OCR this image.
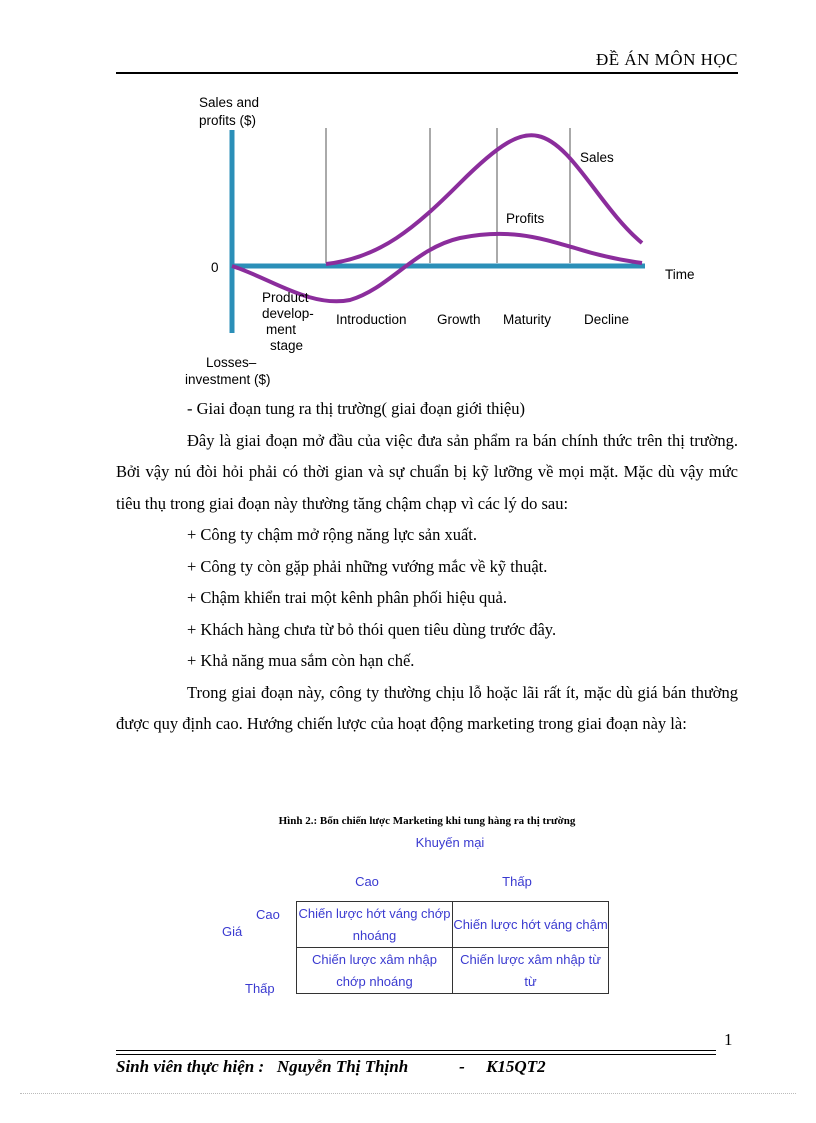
ĐỀ ÁN MÔN HỌC
Sales and
profits ($)
0	Time
Sales
Profits
Product
develop-
ment
stage
Introduction Growth Maturity Decline
Losses–
investment ($)

- Giai đoạn tung ra thị trường( giai đoạn giới thiệu)

Đây là giai đoạn mở đầu của việc đưa sản phẩm ra bán chính thức trên thị trường. Bởi vậy nú đòi hỏi phải có thời gian và sự chuẩn bị kỹ lưỡng về mọi mặt. Mặc dù vậy mức tiêu thụ trong giai đoạn này thường tăng chậm chạp vì các lý do sau:

+ Công ty chậm mở rộng năng lực sản xuất.

+ Công ty còn gặp phải những vướng mắc về kỹ thuật.

+ Chậm khiển trai một kênh phân phối hiệu quả.

+ Khách hàng chưa từ bỏ thói quen tiêu dùng trước đây.

+ Khả năng mua sắm còn hạn chế.

Trong giai đoạn này, công ty thường chịu lỗ hoặc lãi rất ít, mặc dù giá bán thường được quy định cao. Hướng chiến lược của hoạt động marketing trong giai đoạn này là:

Hình 2.: Bốn chiến lược Marketing khi tung hàng ra thị trường
Khuyến mại
Cao	Thấp
Giá
Cao
Thấp
Chiến lược hớt váng chớp nhoáng	Chiến lược hớt váng chậm
Chiến lược xâm nhập chớp nhoáng	Chiến lược xâm nhập từ từ
1
Sinh viên thực hiện : Nguyễn Thị Thịnh	- K15QT2
